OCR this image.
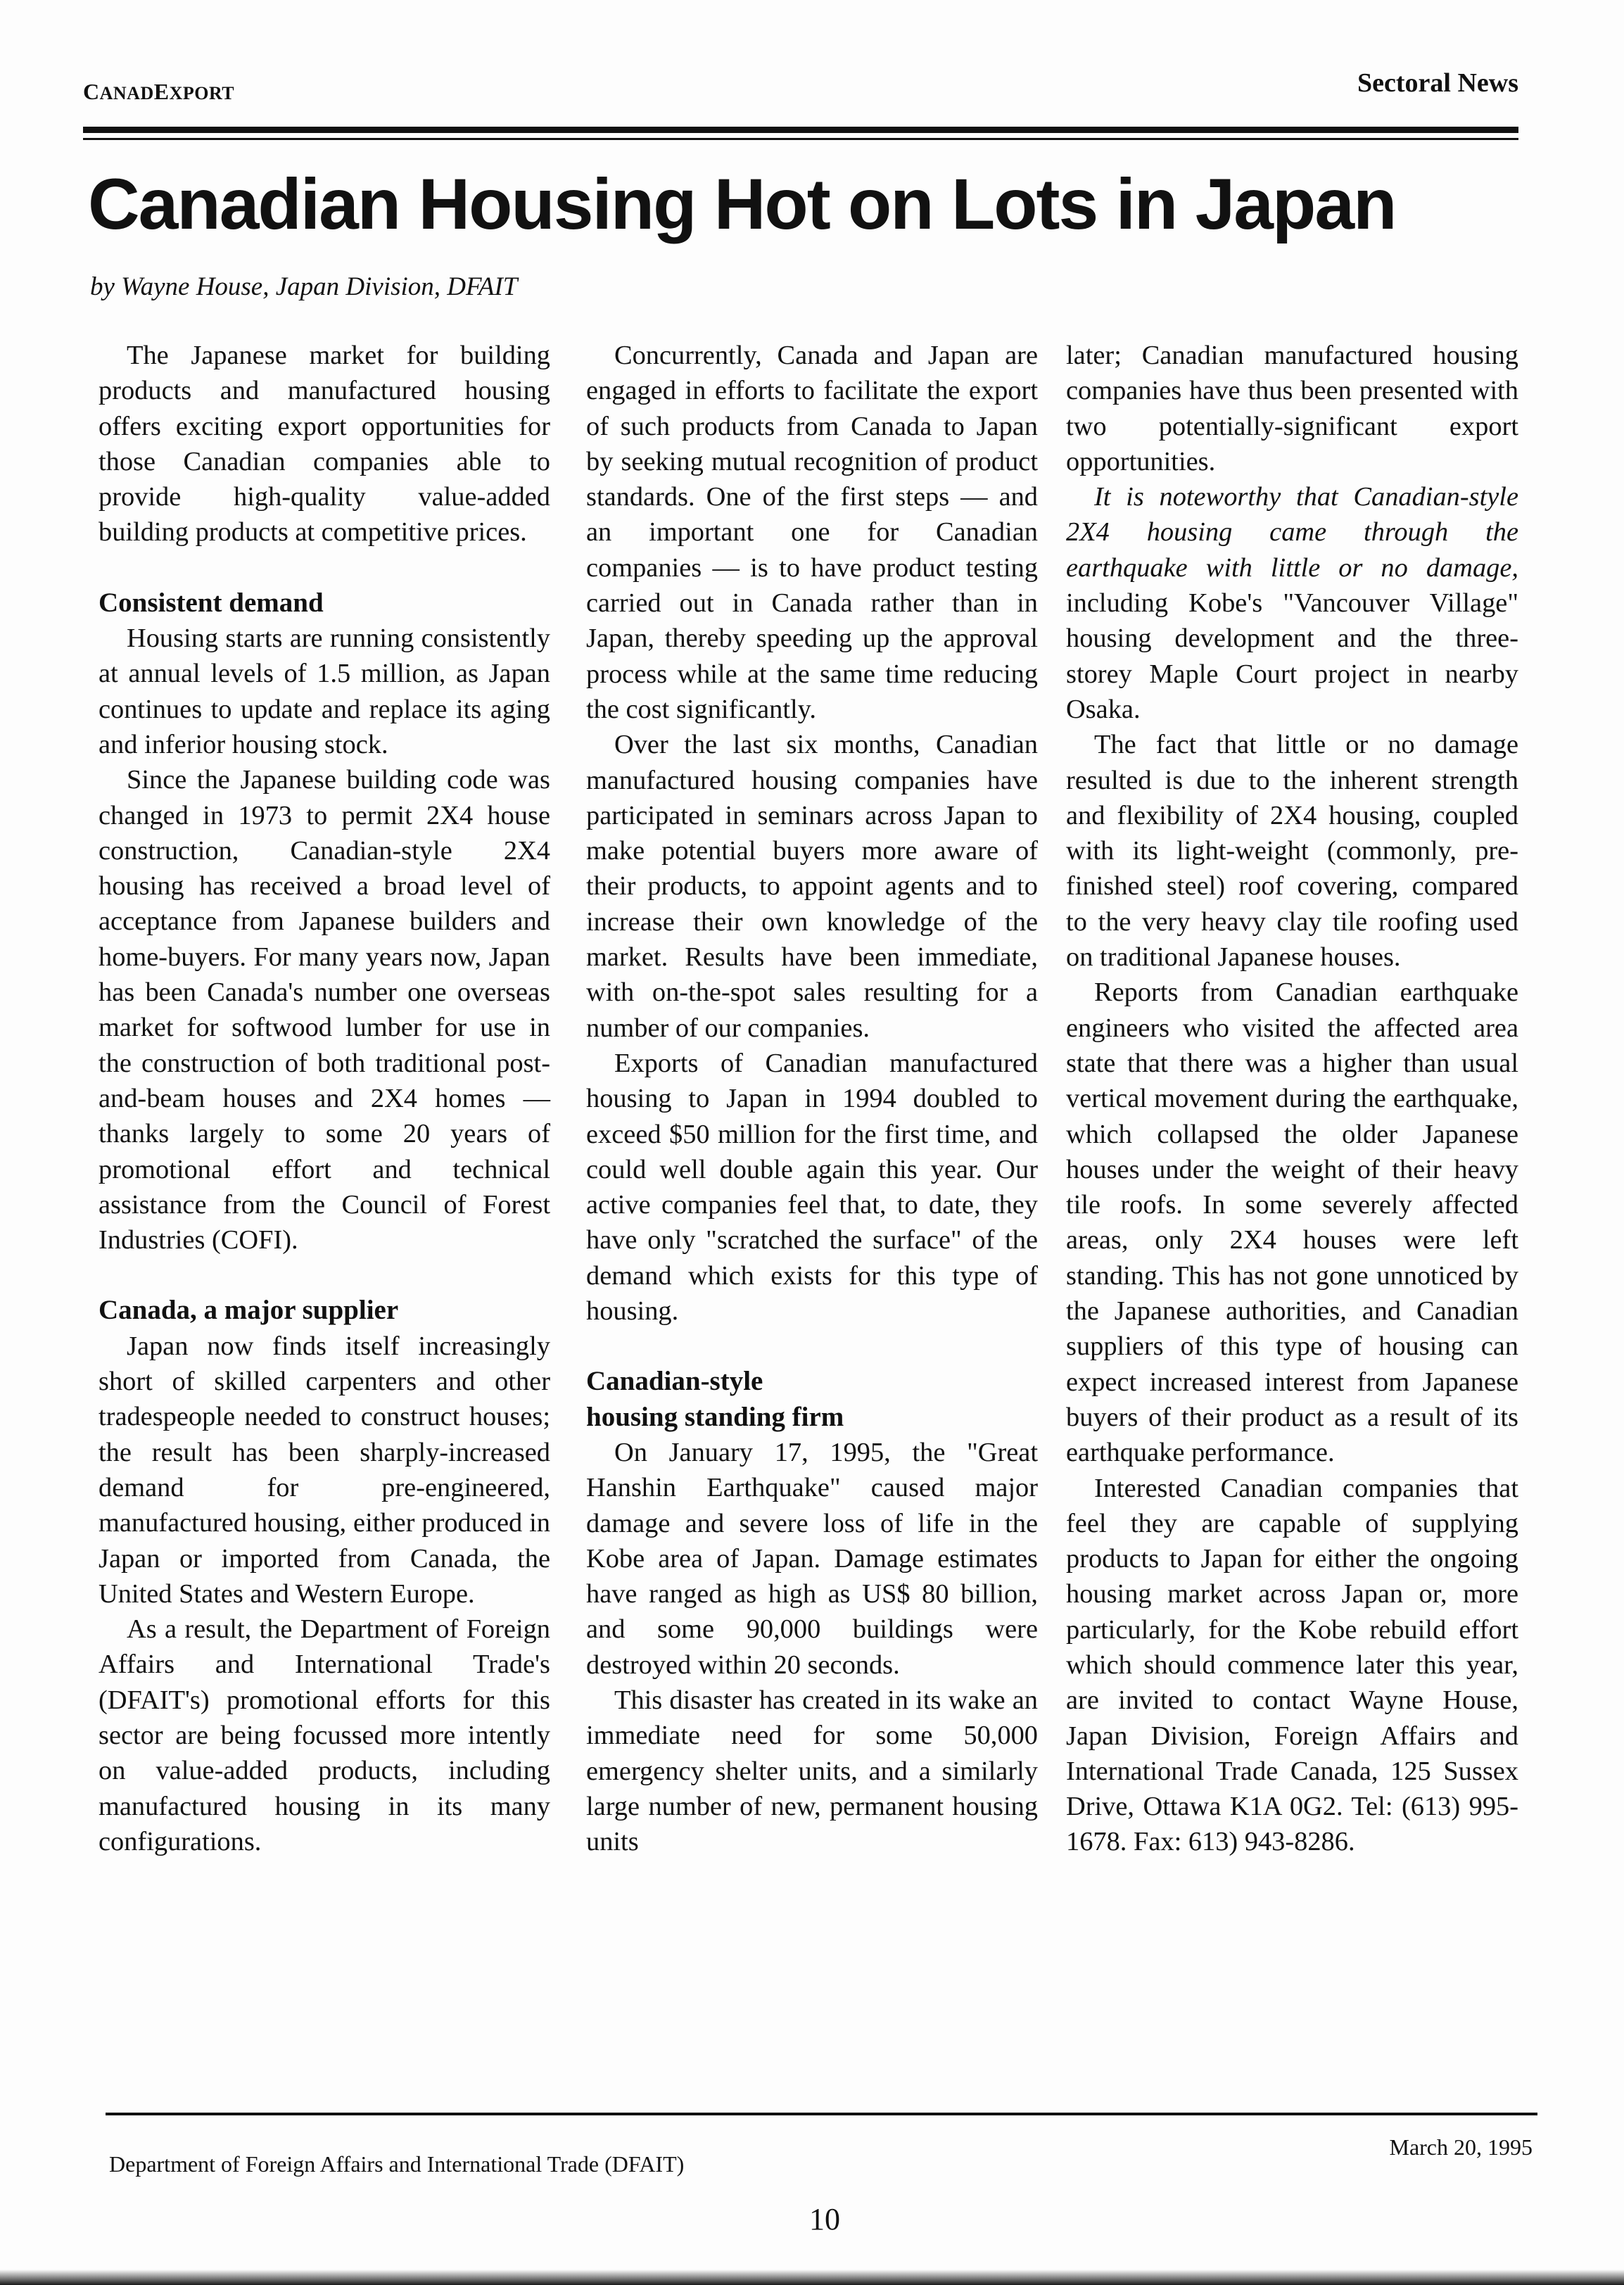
CANADEXPORT	Sectoral News
Canadian Housing Hot on Lots in Japan
by Wayne House, Japan Division, DFAIT

The Japanese market for building products and manufactured housing offers exciting export opportunities for those Canadian companies able to provide high-quality value-added building products at competitive prices.

Consistent demand

Housing starts are running consistently at annual levels of 1.5 million, as Japan continues to update and replace its aging and inferior housing stock.

Since the Japanese building code was changed in 1973 to permit 2X4 house construction, Canadian-style 2X4 housing has received a broad level of acceptance from Japanese builders and home-buyers. For many years now, Japan has been Canada's number one overseas market for softwood lumber for use in the construction of both traditional post-and-beam houses and 2X4 homes — thanks largely to some 20 years of promotional effort and technical assistance from the Council of Forest Industries (COFI).

Canada, a major supplier

Japan now finds itself increasingly short of skilled carpenters and other tradespeople needed to construct houses; the result has been sharply-increased demand for pre-engineered, manufactured housing, either produced in Japan or imported from Canada, the United States and Western Europe.

As a result, the Department of Foreign Affairs and International Trade's (DFAIT's) promotional efforts for this sector are being focussed more intently on value-added products, including manufactured housing in its many configurations.

Concurrently, Canada and Japan are engaged in efforts to facilitate the export of such products from Canada to Japan by seeking mutual recognition of product standards. One of the first steps — and an important one for Canadian companies — is to have product testing carried out in Canada rather than in Japan, thereby speeding up the approval process while at the same time reducing the cost significantly.

Over the last six months, Canadian manufactured housing companies have participated in seminars across Japan to make potential buyers more aware of their products, to appoint agents and to increase their own knowledge of the market. Results have been immediate, with on-the-spot sales resulting for a number of our companies.

Exports of Canadian manufactured housing to Japan in 1994 doubled to exceed $50 million for the first time, and could well double again this year. Our active companies feel that, to date, they have only "scratched the surface" of the demand which exists for this type of housing.

Canadian-style
housing standing firm

On January 17, 1995, the "Great Hanshin Earthquake" caused major damage and severe loss of life in the Kobe area of Japan. Damage estimates have ranged as high as US$ 80 billion, and some 90,000 buildings were destroyed within 20 seconds.

This disaster has created in its wake an immediate need for some 50,000 emergency shelter units, and a similarly large number of new, permanent housing units

later; Canadian manufactured housing companies have thus been presented with two potentially-significant export opportunities.

It is noteworthy that Canadian-style 2X4 housing came through the earthquake with little or no damage, including Kobe's "Vancouver Village" housing development and the three-storey Maple Court project in nearby Osaka.

The fact that little or no damage resulted is due to the inherent strength and flexibility of 2X4 housing, coupled with its light-weight (commonly, pre-finished steel) roof covering, compared to the very heavy clay tile roofing used on traditional Japanese houses.

Reports from Canadian earthquake engineers who visited the affected area state that there was a higher than usual vertical movement during the earthquake, which collapsed the older Japanese houses under the weight of their heavy tile roofs. In some severely affected areas, only 2X4 houses were left standing. This has not gone unnoticed by the Japanese authorities, and Canadian suppliers of this type of housing can expect increased interest from Japanese buyers of their product as a result of its earthquake performance.

Interested Canadian companies that feel they are capable of supplying products to Japan for either the ongoing housing market across Japan or, more particularly, for the Kobe rebuild effort which should commence later this year, are invited to contact Wayne House, Japan Division, Foreign Affairs and International Trade Canada, 125 Sussex Drive, Ottawa K1A 0G2. Tel: (613) 995-1678. Fax: 613) 943-8286.

Department of Foreign Affairs and International Trade (DFAIT)
March 20, 1995
10
